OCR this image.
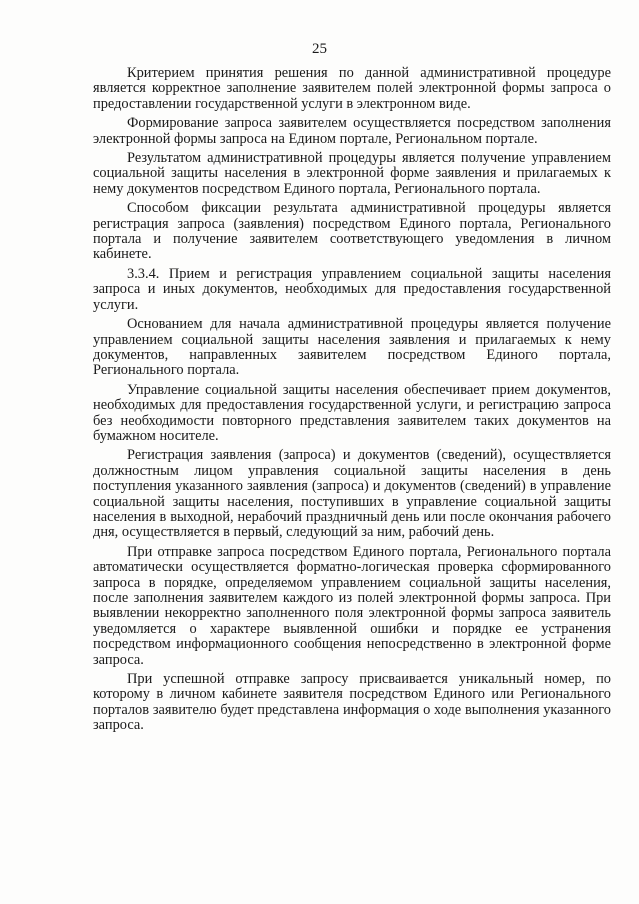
25

Критерием принятия решения по данной административной процедуре является корректное заполнение заявителем полей электронной формы запроса о предоставлении государственной услуги в электронном виде.

Формирование запроса заявителем осуществляется посредством заполнения электронной формы запроса на Едином портале, Региональном портале.

Результатом административной процедуры является получение управлением социальной защиты населения в электронной форме заявления и прилагаемых к нему документов посредством Единого портала, Регионального портала.

Способом фиксации результата административной процедуры является регистрация запроса (заявления) посредством Единого портала, Регионального портала и получение заявителем соответствующего уведомления в личном кабинете.

3.3.4. Прием и регистрация управлением социальной защиты населения запроса и иных документов, необходимых для предоставления государственной услуги.

Основанием для начала административной процедуры является получение управлением социальной защиты населения заявления и прилагаемых к нему документов, направленных заявителем посредством Единого портала, Регионального портала.

Управление социальной защиты населения обеспечивает прием документов, необходимых для предоставления государственной услуги, и регистрацию запроса без необходимости повторного представления заявителем таких документов на бумажном носителе.

Регистрация заявления (запроса) и документов (сведений), осуществляется должностным лицом управления социальной защиты населения в день поступления указанного заявления (запроса) и документов (сведений) в управление социальной защиты населения, поступивших в управление социальной защиты населения в выходной, нерабочий праздничный день или после окончания рабочего дня, осуществляется в первый, следующий за ним, рабочий день.

При отправке запроса посредством Единого портала, Регионального портала автоматически осуществляется форматно-логическая проверка сформированного запроса в порядке, определяемом управлением социальной защиты населения, после заполнения заявителем каждого из полей электронной формы запроса. При выявлении некорректно заполненного поля электронной формы запроса заявитель уведомляется о характере выявленной ошибки и порядке ее устранения посредством информационного сообщения непосредственно в электронной форме запроса.

При успешной отправке запросу присваивается уникальный номер, по которому в личном кабинете заявителя посредством Единого или Регионального порталов заявителю будет представлена информация о ходе выполнения указанного запроса.
